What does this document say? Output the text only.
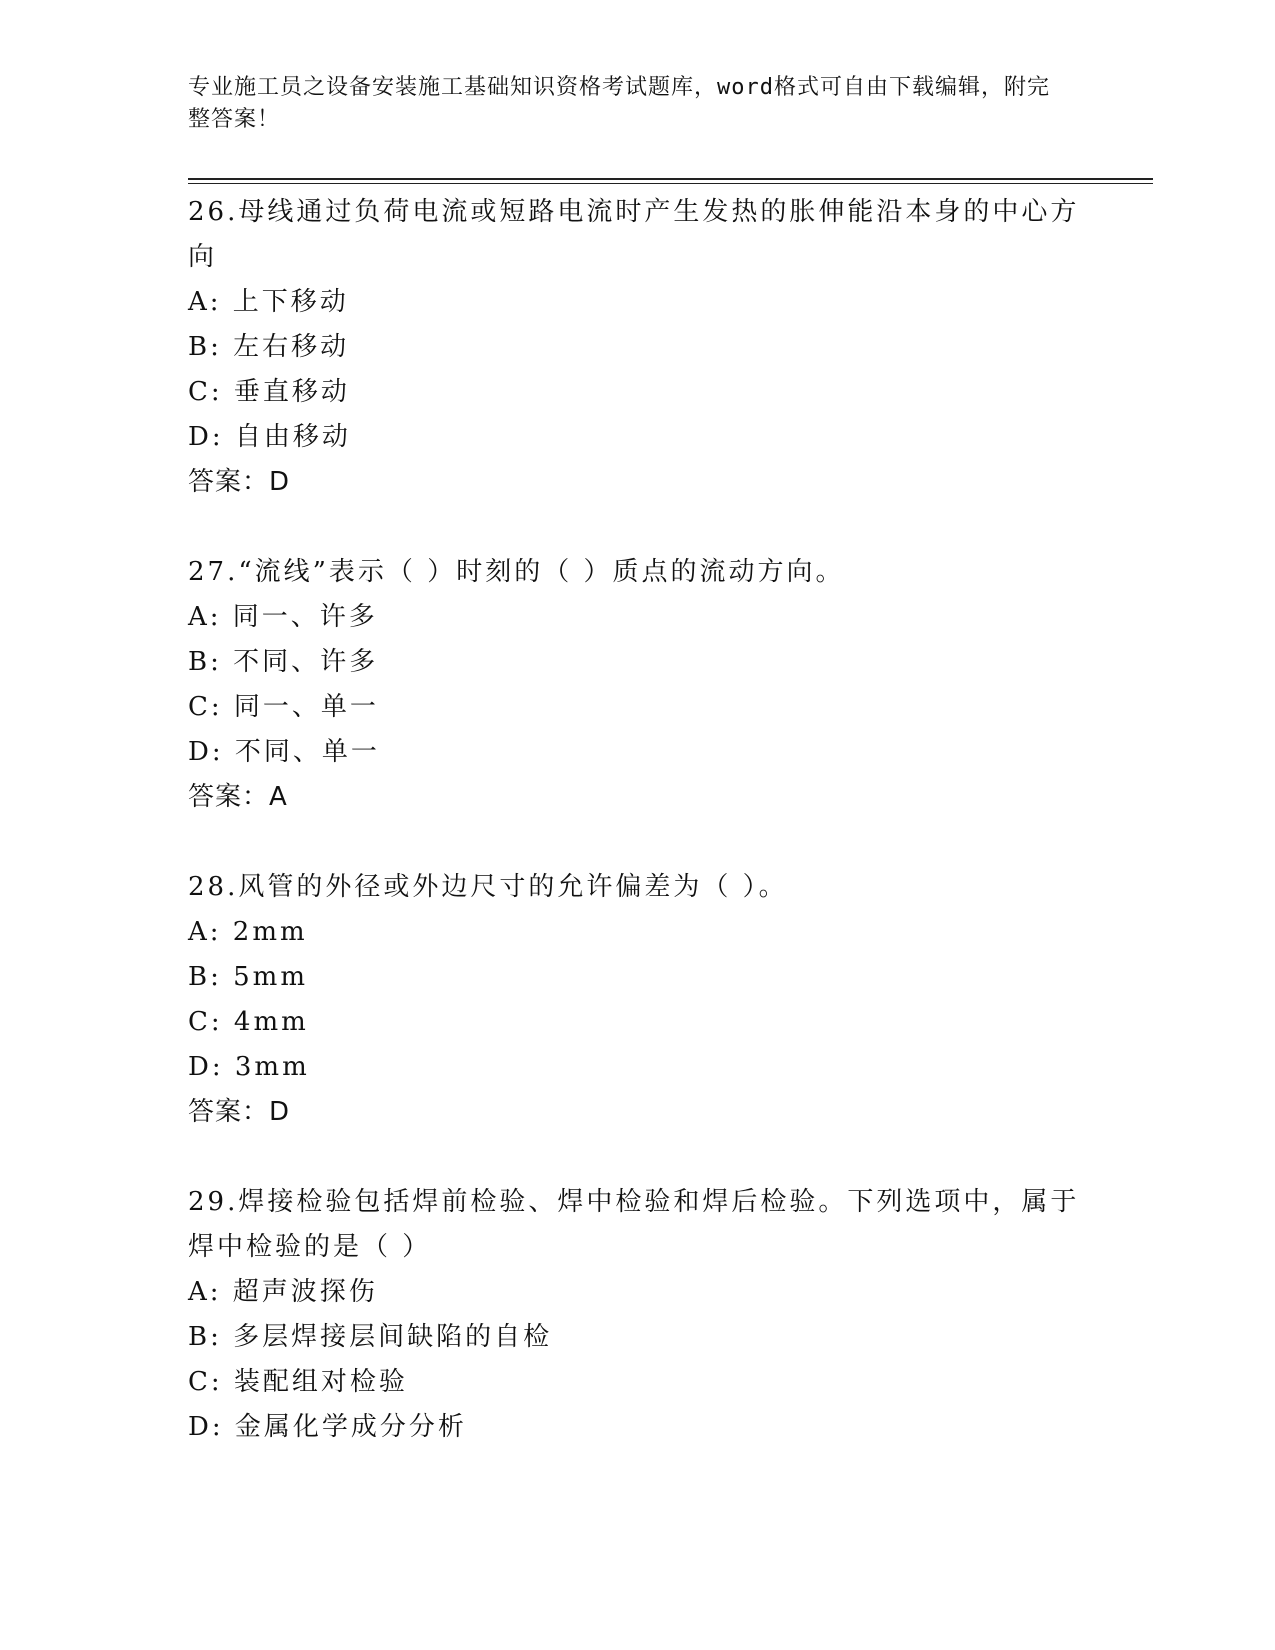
专业施工员之设备安装施工基础知识资格考试题库，word格式可自由下载编辑，附完整答案！

26.母线通过负荷电流或短路电流时产生发热的胀伸能沿本身的中心方向

A: 上下移动
B: 左右移动
C: 垂直移动
D: 自由移动
答案：D

27.“流线”表示（ ）时刻的（ ）质点的流动方向。

A: 同一、许多
B: 不同、许多
C: 同一、单一
D: 不同、单一
答案：A

28.风管的外径或外边尺寸的允许偏差为（ ）。

A: 2mm
B: 5mm
C: 4mm
D: 3mm
答案：D

29.焊接检验包括焊前检验、焊中检验和焊后检验。下列选项中，属于焊中检验的是（ ）

A: 超声波探伤
B: 多层焊接层间缺陷的自检
C: 装配组对检验
D: 金属化学成分分析
